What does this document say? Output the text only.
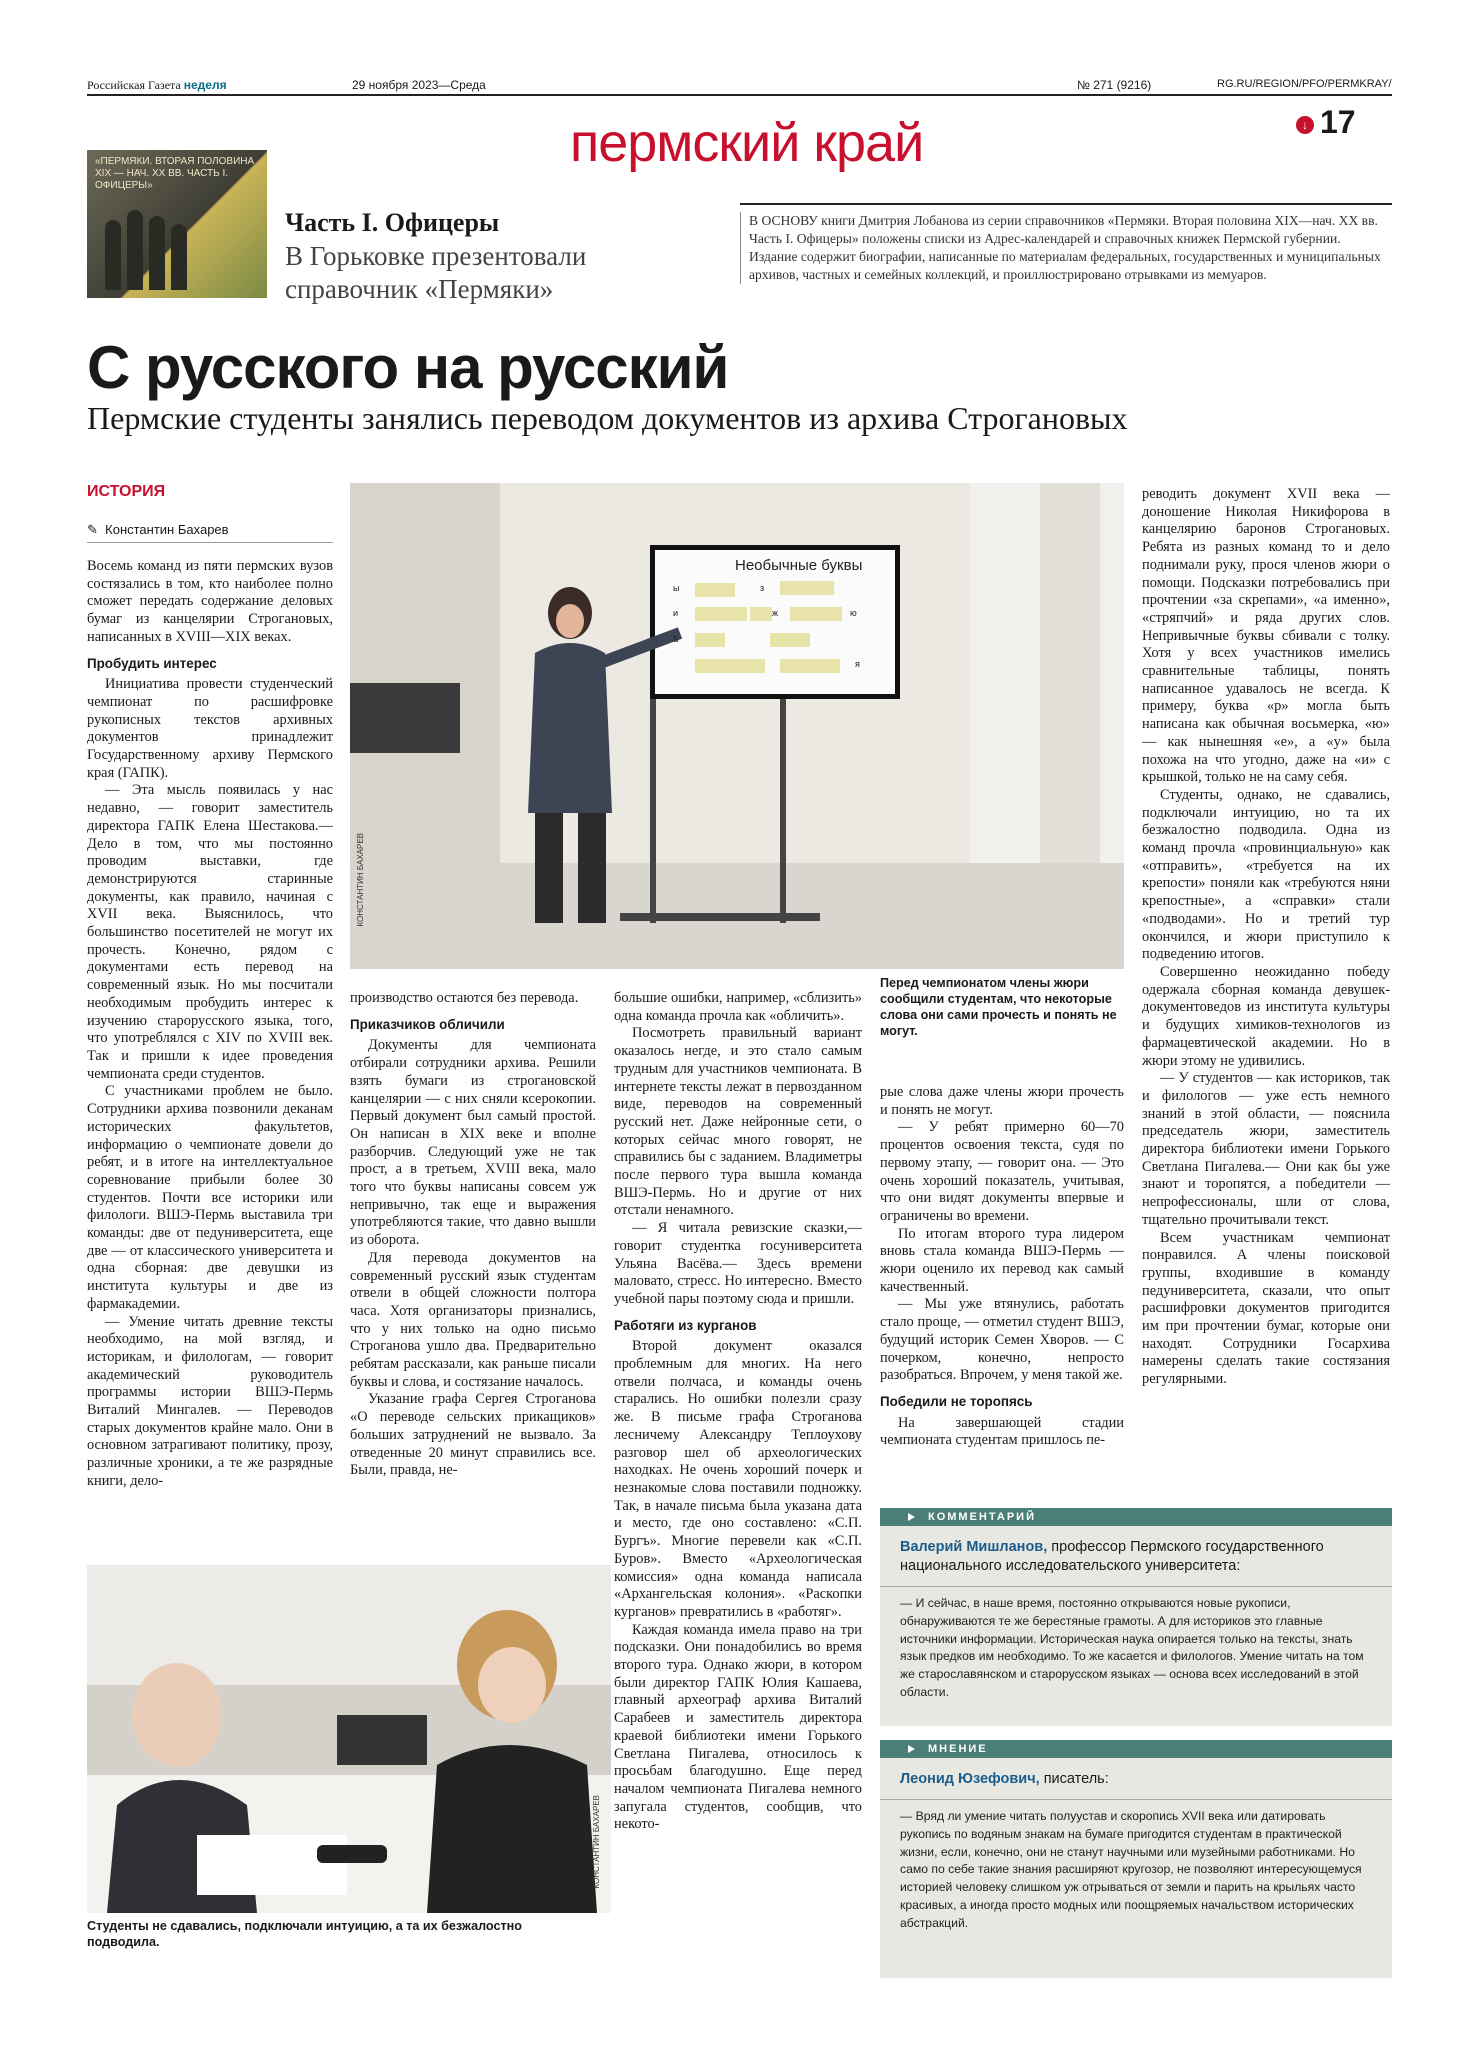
Российская Газета неделя	29 ноября 2023—Среда	№ 271 (9216)	RG.RU/REGION/PFO/PERMKRAY/
пермский край	↓ 17
«ПЕРМЯКИ. ВТОРАЯ ПОЛОВИНА XIX — НАЧ. XX ВВ. ЧАСТЬ I. ОФИЦЕРЫ»
Часть I. Офицеры
В Горьковке презентовали справочник «Пермяки»
В ОСНОВУ книги Дмитрия Лобанова из серии справочников «Пермяки. Вторая половина XIX—нач. XX вв. Часть I. Офицеры» положены списки из Адрес-календарей и справочных книжек Пермской губернии. Издание содержит биографии, написанные по материалам федеральных, государственных и муниципальных архивов, частных и семейных коллекций, и проиллюстрировано отрывками из мемуаров.
С русского на русский
Пермские студенты занялись переводом документов из архива Строгановых
ИСТОРИЯ
✎ Константин Бахарев

Восемь команд из пяти пермских вузов состязались в том, кто наиболее полно сможет передать содержание деловых бумаг из канцелярии Строгановых, написанных в XVIII—XIX веках.

Пробудить интерес

Инициатива провести студенческий чемпионат по расшифровке рукописных текстов архивных документов принадлежит Государственному архиву Пермского края (ГАПК).

— Эта мысль появилась у нас недавно, — говорит заместитель директора ГАПК Елена Шестакова.— Дело в том, что мы постоянно проводим выставки, где демонстрируются старинные документы, как правило, начиная с XVII века. Выяснилось, что большинство посетителей не могут их прочесть. Конечно, рядом с документами есть перевод на современный язык. Но мы посчитали необходимым пробудить интерес к изучению старорусского языка, того, что употреблялся с XIV по XVIII век. Так и пришли к идее проведения чемпионата среди студентов.

С участниками проблем не было. Сотрудники архива позвонили деканам исторических факультетов, информацию о чемпионате довели до ребят, и в итоге на интеллектуальное соревнование прибыли более 30 студентов. Почти все историки или филологи. ВШЭ-Пермь выставила три команды: две от педуниверситета, еще две — от классического университета и одна сборная: две девушки из института культуры и две из фармакадемии.

— Умение читать древние тексты необходимо, на мой взгляд, и историкам, и филологам, — говорит академический руководитель программы истории ВШЭ-Пермь Виталий Мингалев. — Переводов старых документов крайне мало. Они в основном затрагивают политику, прозу, различные хроники, а те же разрядные книги, дело-

Необычные буквы
ы	з
ж	ю
и
ѣ
я
КОНСТАНТИН БАХАРЕВ
Перед чемпионатом члены жюри сообщили студентам, что некоторые слова они сами прочесть и понять не могут.

производство остаются без перевода.

Приказчиков обличили

Документы для чемпионата отбирали сотрудники архива. Решили взять бумаги из строгановской канцелярии — с них сняли ксерокопии. Первый документ был самый простой. Он написан в XIX веке и вполне разборчив. Следующий уже не так прост, а в третьем, XVIII века, мало того что буквы написаны совсем уж непривычно, так еще и выражения употребляются такие, что давно вышли из оборота.

Для перевода документов на современный русский язык студентам отвели в общей сложности полтора часа. Хотя организаторы признались, что у них только на одно письмо Строганова ушло два. Предварительно ребятам рассказали, как раньше писали буквы и слова, и состязание началось.

Указание графа Сергея Строганова «О переводе сельских прикащиков» больших затруднений не вызвало. За отведенные 20 минут справились все. Были, правда, не-

большие ошибки, например, «сблизить» одна команда прочла как «обличить».

Посмотреть правильный вариант оказалось негде, и это стало самым трудным для участников чемпионата. В интернете тексты лежат в первозданном виде, переводов на современный русский нет. Даже нейронные сети, о которых сейчас много говорят, не справились бы с заданием. Владиметры после первого тура вышла команда ВШЭ-Пермь. Но и другие от них отстали ненамного.

— Я читала ревизские сказки,— говорит студентка госуниверситета Ульяна Васёва.— Здесь времени маловато, стресс. Но интересно. Вместо учебной пары поэтому сюда и пришли.

Работяги из курганов

Второй документ оказался проблемным для многих. На него отвели полчаса, и команды очень старались. Но ошибки полезли сразу же. В письме графа Строганова лесничему Александру Теплоухову разговор шел об археологических находках. Не очень хороший почерк и незнакомые слова поставили подножку. Так, в начале письма была указана дата и место, где оно составлено: «С.П. Бургъ». Многие перевели как «С.П. Буров». Вместо «Археологическая комиссия» одна команда написала «Архангельская колония». «Раскопки курганов» превратились в «работяг».

Каждая команда имела право на три подсказки. Они понадобились во время второго тура. Однако жюри, в котором были директор ГАПК Юлия Кашаева, главный археограф архива Виталий Сарабеев и заместитель директора краевой библиотеки имени Горького Светлана Пигалева, относилось к просьбам благодушно. Еще перед началом чемпионата Пигалева немного запугала студентов, сообщив, что некото-

рые слова даже члены жюри прочесть и понять не могут.

— У ребят примерно 60—70 процентов освоения текста, судя по первому этапу, — говорит она. — Это очень хороший показатель, учитывая, что они видят документы впервые и ограничены во времени.

По итогам второго тура лидером вновь стала команда ВШЭ-Пермь — жюри оценило их перевод как самый качественный.

— Мы уже втянулись, работать стало проще, — отметил студент ВШЭ, будущий историк Семен Хворов. — С почерком, конечно, непросто разобраться. Впрочем, у меня такой же.

Победили не торопясь

На завершающей стадии чемпионата студентам пришлось пе-

реводить документ XVII века — доношение Николая Никифорова в канцелярию баронов Строгановых. Ребята из разных команд то и дело поднимали руку, прося членов жюри о помощи. Подсказки потребовались при прочтении «за скрепами», «а именно», «стряпчий» и ряда других слов. Непривычные буквы сбивали с толку. Хотя у всех участников имелись сравнительные таблицы, понять написанное удавалось не всегда. К примеру, буква «р» могла быть написана как обычная восьмерка, «ю» — как нынешняя «е», а «у» была похожа на что угодно, даже на «и» с крышкой, только не на саму себя.

Студенты, однако, не сдавались, подключали интуицию, но та их безжалостно подводила. Одна из команд прочла «провинциальную» как «отправить», «требуется на их крепости» поняли как «требуются няни крепостные», а «справки» стали «подводами». Но и третий тур окончился, и жюри приступило к подведению итогов.

Совершенно неожиданно победу одержала сборная команда девушек-документоведов из института культуры и будущих химиков-технологов из фармацевтической академии. Но в жюри этому не удивились.

— У студентов — как историков, так и филологов — уже есть немного знаний в этой области, — пояснила председатель жюри, заместитель директора библиотеки имени Горького Светлана Пигалева.— Они как бы уже знают и торопятся, а победители — непрофессионалы, шли от слова, тщательно прочитывали текст.

Всем участникам чемпионат понравился. А члены поисковой группы, входившие в команду педуниверситета, сказали, что опыт расшифровки документов пригодится им при прочтении бумаг, которые они находят. Сотрудники Госархива намерены сделать такие состязания регулярными.

КОНСТАНТИН БАХАРЕВ
Студенты не сдавались, подключали интуицию, а та их безжалостно подводила.
КОММЕНТАРИЙ
Валерий Мишланов, профессор Пермского государственного национального исследовательского университета:
— И сейчас, в наше время, постоянно открываются новые рукописи, обнаруживаются те же берестяные грамоты. А для историков это главные источники информации. Историческая наука опирается только на тексты, знать язык предков им необходимо. То же касается и филологов. Умение читать на том же старославянском и старорусском языках — основа всех исследований в этой области.
МНЕНИЕ
Леонид Юзефович, писатель:
— Вряд ли умение читать полуустав и скоропись XVII века или датировать рукопись по водяным знакам на бумаге пригодится студентам в практической жизни, если, конечно, они не станут научными или музейными работниками. Но само по себе такие знания расширяют кругозор, не позволяют интересующемуся историей человеку слишком уж отрываться от земли и парить на крыльях часто красивых, а иногда просто модных или поощряемых начальством исторических абстракций.
